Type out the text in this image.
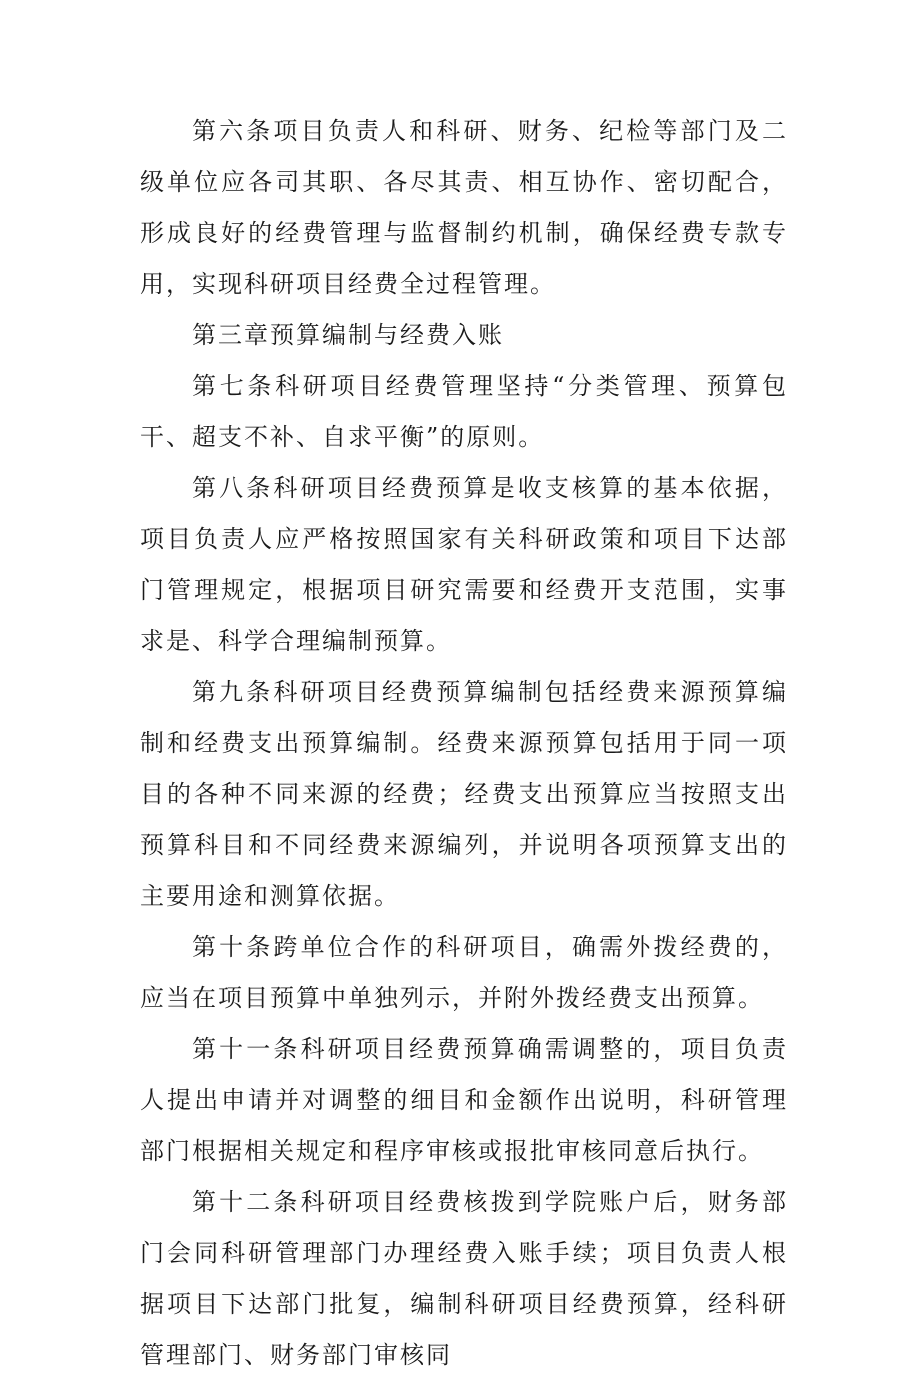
第六条项目负责人和科研、财务、纪检等部门及二级单位应各司其职、各尽其责、相互协作、密切配合，形成良好的经费管理与监督制约机制，确保经费专款专用，实现科研项目经费全过程管理。

第三章预算编制与经费入账

第七条科研项目经费管理坚持“分类管理、预算包干、超支不补、自求平衡”的原则。

第八条科研项目经费预算是收支核算的基本依据，项目负责人应严格按照国家有关科研政策和项目下达部门管理规定，根据项目研究需要和经费开支范围，实事求是、科学合理编制预算。

第九条科研项目经费预算编制包括经费来源预算编制和经费支出预算编制。经费来源预算包括用于同一项目的各种不同来源的经费；经费支出预算应当按照支出预算科目和不同经费来源编列，并说明各项预算支出的主要用途和测算依据。

第十条跨单位合作的科研项目，确需外拨经费的，应当在项目预算中单独列示，并附外拨经费支出预算。

第十一条科研项目经费预算确需调整的，项目负责人提出申请并对调整的细目和金额作出说明，科研管理部门根据相关规定和程序审核或报批审核同意后执行。

第十二条科研项目经费核拨到学院账户后，财务部门会同科研管理部门办理经费入账手续；项目负责人根据项目下达部门批复，编制科研项目经费预算，经科研管理部门、财务部门审核同
